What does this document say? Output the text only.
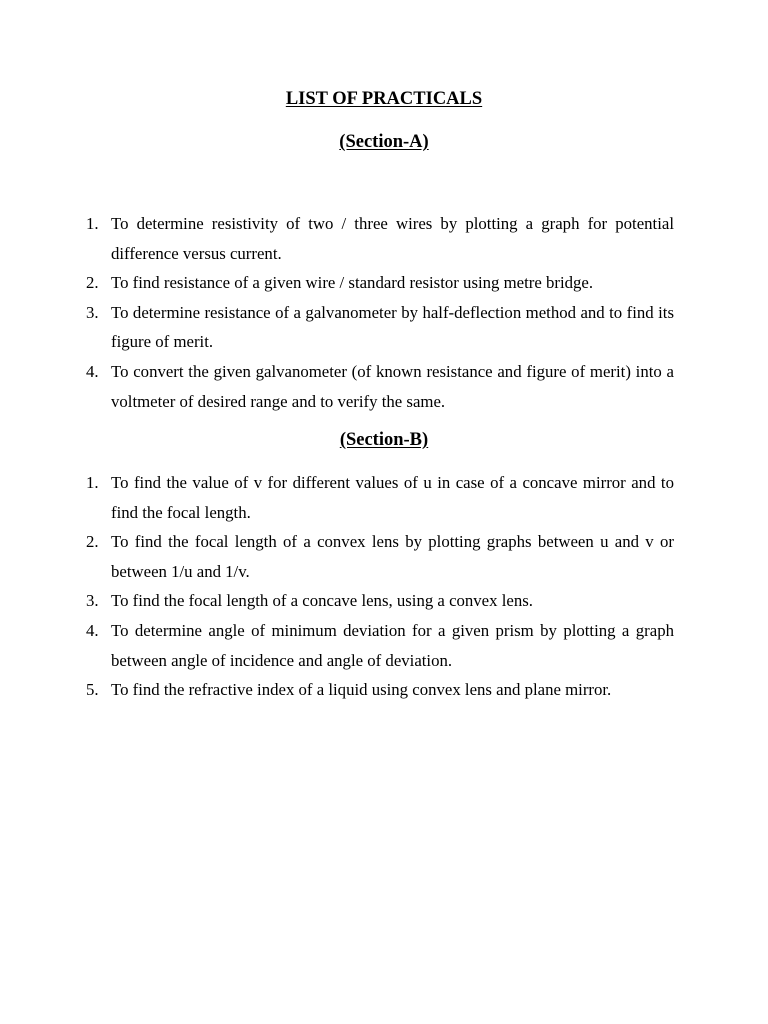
LIST OF PRACTICALS
(Section-A)
1. To determine resistivity of two / three wires by plotting a graph for potential difference versus current.
2. To find resistance of a given wire / standard resistor using metre bridge.
3. To determine resistance of a galvanometer by half-deflection method and to find its figure of merit.
4. To convert the given galvanometer (of known resistance and figure of merit) into a voltmeter of desired range and to verify the same.
(Section-B)
1. To find the value of v for different values of u in case of a concave mirror and to find the focal length.
2. To find the focal length of a convex lens by plotting graphs between u and v or between 1/u and 1/v.
3. To find the focal length of a concave lens, using a convex lens.
4. To determine angle of minimum deviation for a given prism by plotting a graph between angle of incidence and angle of deviation.
5. To find the refractive index of a liquid using convex lens and plane mirror.
